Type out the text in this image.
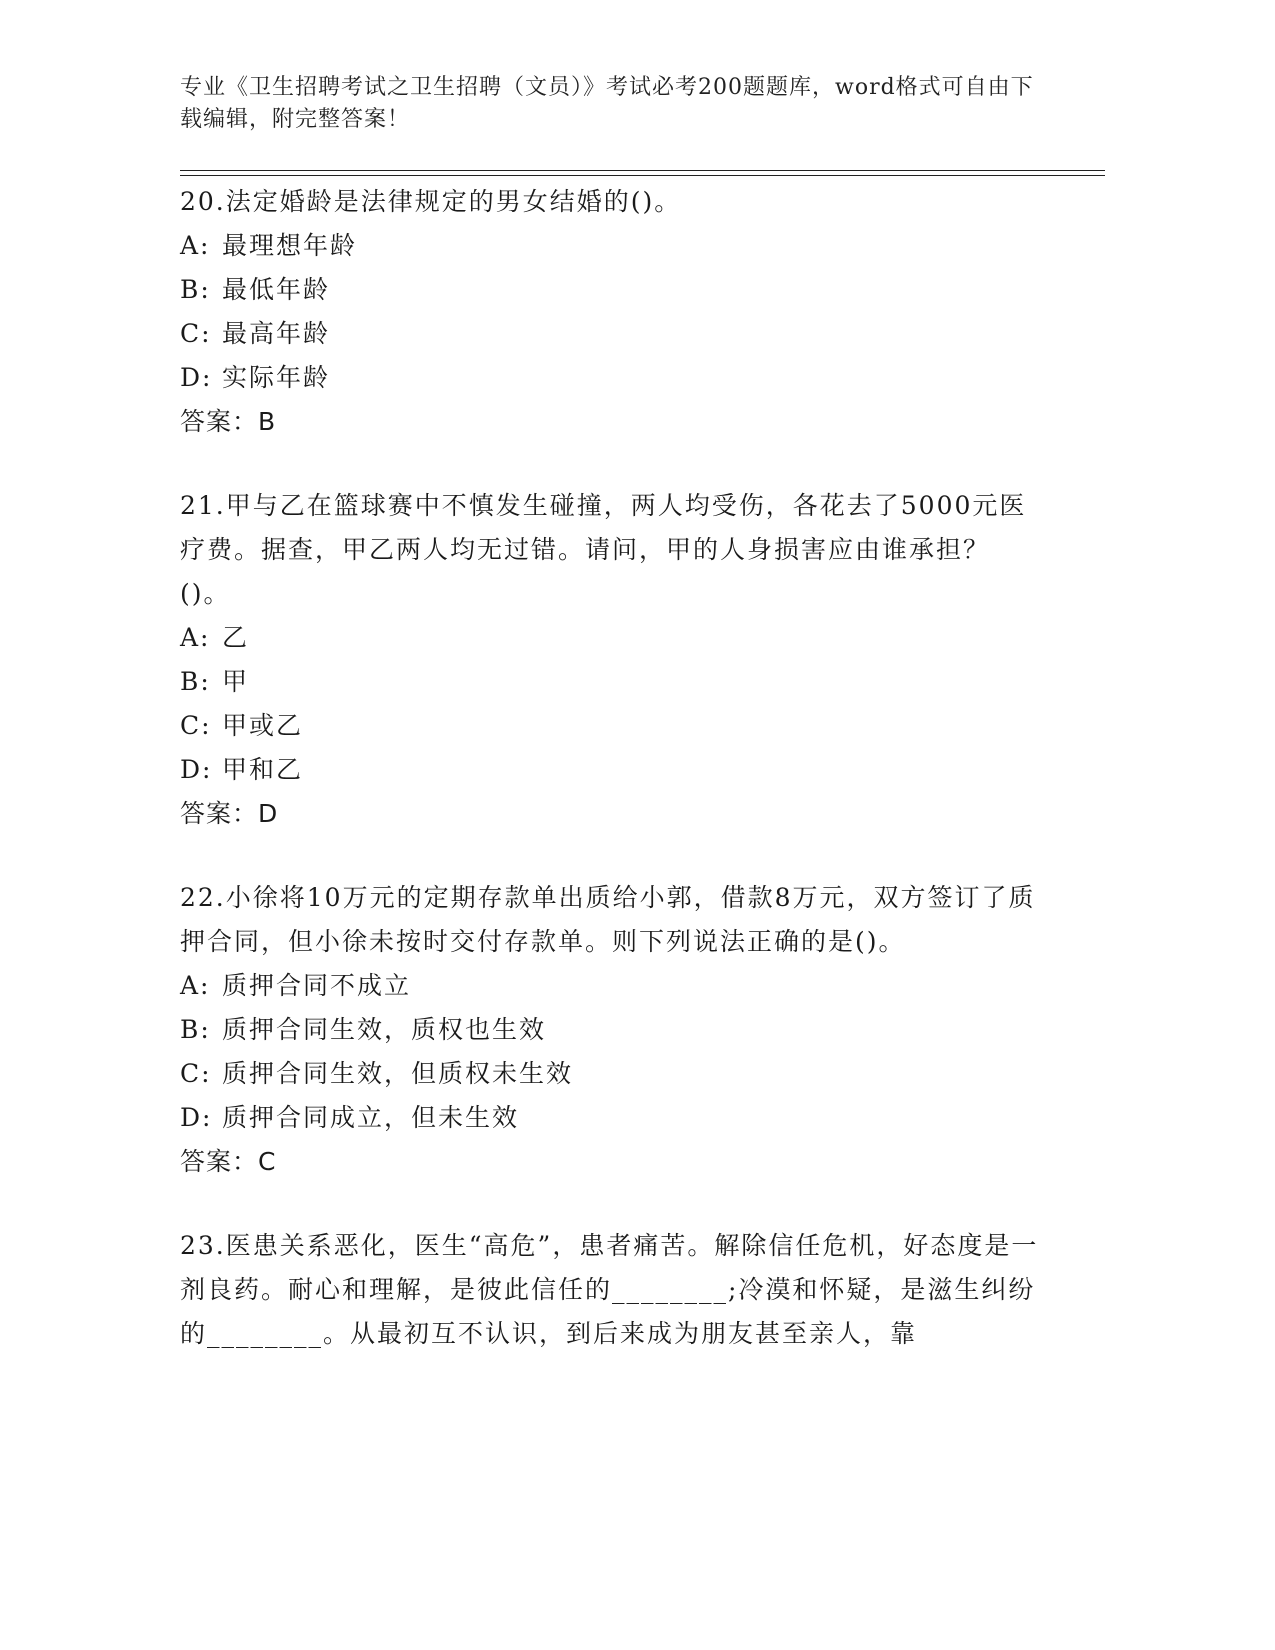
专业《卫生招聘考试之卫生招聘（文员）》考试必考200题题库，word格式可自由下载编辑，附完整答案！

20.法定婚龄是法律规定的男女结婚的()。

A: 最理想年龄

B: 最低年龄

C: 最高年龄

D: 实际年龄

答案：B

21.甲与乙在篮球赛中不慎发生碰撞，两人均受伤，各花去了5000元医疗费。据查，甲乙两人均无过错。请问，甲的人身损害应由谁承担？()。

A: 乙

B: 甲

C: 甲或乙

D: 甲和乙

答案：D

22.小徐将10万元的定期存款单出质给小郭，借款8万元，双方签订了质押合同，但小徐未按时交付存款单。则下列说法正确的是()。

A: 质押合同不成立

B: 质押合同生效，质权也生效

C: 质押合同生效，但质权未生效

D: 质押合同成立，但未生效

答案：C

23.医患关系恶化，医生“高危”，患者痛苦。解除信任危机，好态度是一剂良药。耐心和理解，是彼此信任的________;冷漠和怀疑，是滋生纠纷的________。从最初互不认识，到后来成为朋友甚至亲人，靠
